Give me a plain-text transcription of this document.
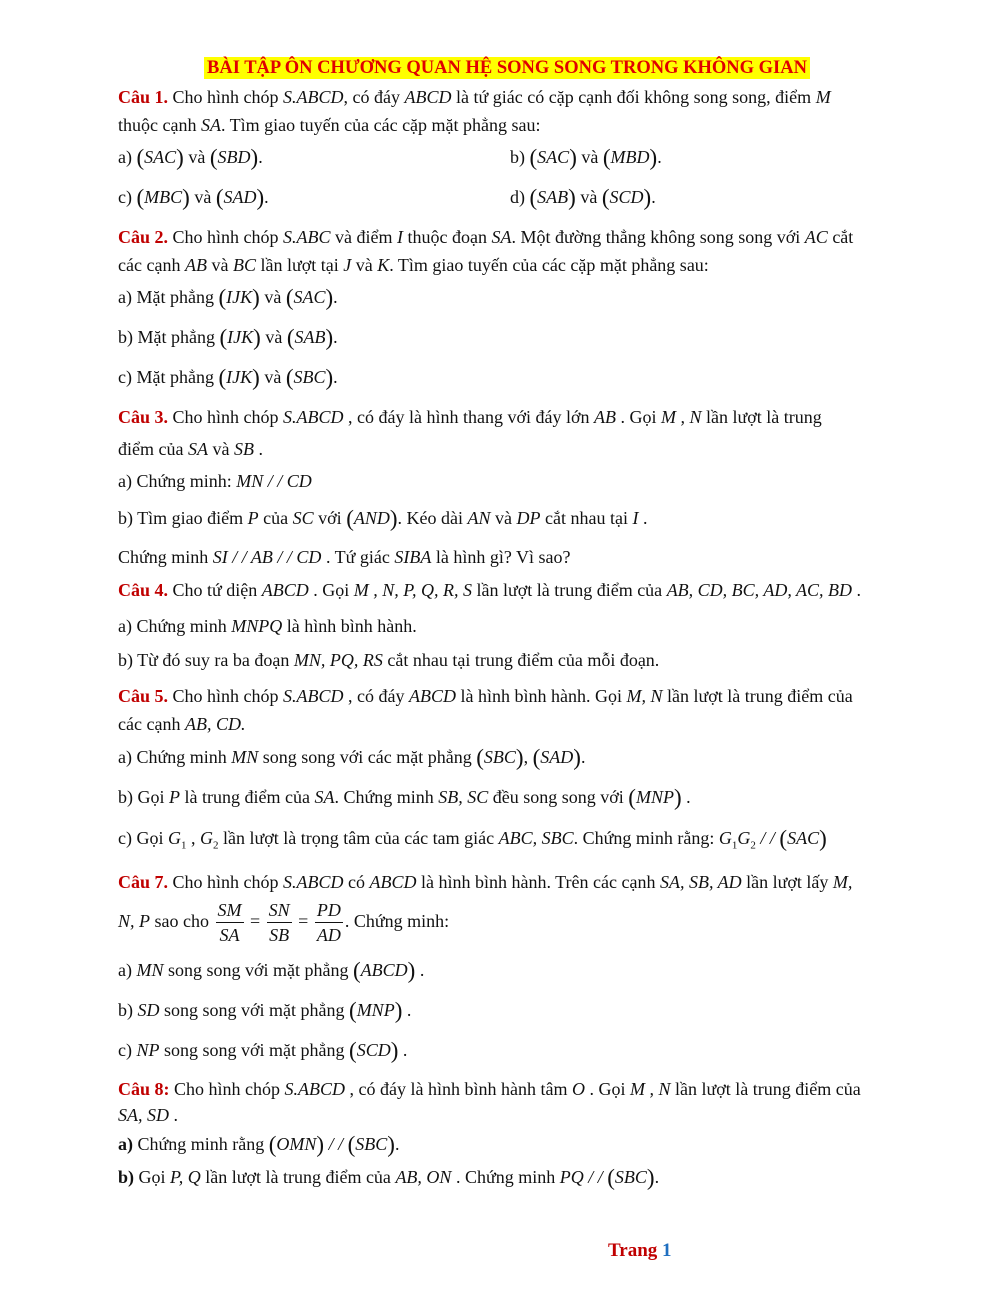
BÀI TẬP ÔN CHƯƠNG QUAN HỆ SONG SONG TRONG KHÔNG GIAN
Câu 1. Cho hình chóp S.ABCD, có đáy ABCD là tứ giác có cặp cạnh đối không song song, điểm M
thuộc cạnh SA. Tìm giao tuyến của các cặp mặt phẳng sau:
a) (SAC) và (SBD).	b) (SAC) và (MBD).
c) (MBC) và (SAD).	d) (SAB) và (SCD).
Câu 2. Cho hình chóp S.ABC và điểm I thuộc đoạn SA. Một đường thẳng không song song với AC cắt
các cạnh AB và BC lần lượt tại J và K. Tìm giao tuyến của các cặp mặt phẳng sau:
a) Mặt phẳng (IJK) và (SAC).
b) Mặt phẳng (IJK) và (SAB).
c) Mặt phẳng (IJK) và (SBC).
Câu 3. Cho hình chóp S.ABCD , có đáy là hình thang với đáy lớn AB . Gọi M , N lần lượt là trung
điểm của SA và SB .
a) Chứng minh: MN / / CD
b) Tìm giao điểm P của SC với (AND). Kéo dài AN và DP cắt nhau tại I .
Chứng minh SI / / AB / / CD . Tứ giác SIBA là hình gì? Vì sao?
Câu 4. Cho tứ diện ABCD . Gọi M , N, P, Q, R, S lần lượt là trung điểm của AB, CD, BC, AD, AC, BD .
a) Chứng minh MNPQ là hình bình hành.
b) Từ đó suy ra ba đoạn MN, PQ, RS cắt nhau tại trung điểm của mỗi đoạn.
Câu 5. Cho hình chóp S.ABCD , có đáy ABCD là hình bình hành. Gọi M, N lần lượt là trung điểm của
các cạnh AB, CD.
a) Chứng minh MN song song với các mặt phẳng (SBC), (SAD).
b) Gọi P là trung điểm của SA. Chứng minh SB, SC đều song song với (MNP) .
c) Gọi $G_1$ , $G_2$ lần lượt là trọng tâm của các tam giác ABC, SBC. Chứng minh rằng: $G_1G_2$ / / (SAC)
Câu 7. Cho hình chóp S.ABCD có ABCD là hình bình hành. Trên các cạnh SA, SB, AD lần lượt lấy M,
N, P sao cho $\frac{SM}{SA} = \frac{SN}{SB} = \frac{PD}{AD}$ . Chứng minh:
a) MN song song với mặt phẳng (ABCD) .
b) SD song song với mặt phẳng (MNP) .
c) NP song song với mặt phẳng (SCD) .
Câu 8: Cho hình chóp S.ABCD , có đáy là hình bình hành tâm O . Gọi M , N lần lượt là trung điểm của
SA, SD .
a) Chứng minh rằng (OMN) / / (SBC).
b) Gọi P, Q lần lượt là trung điểm của AB, ON . Chứng minh PQ / / (SBC).
Trang 1
